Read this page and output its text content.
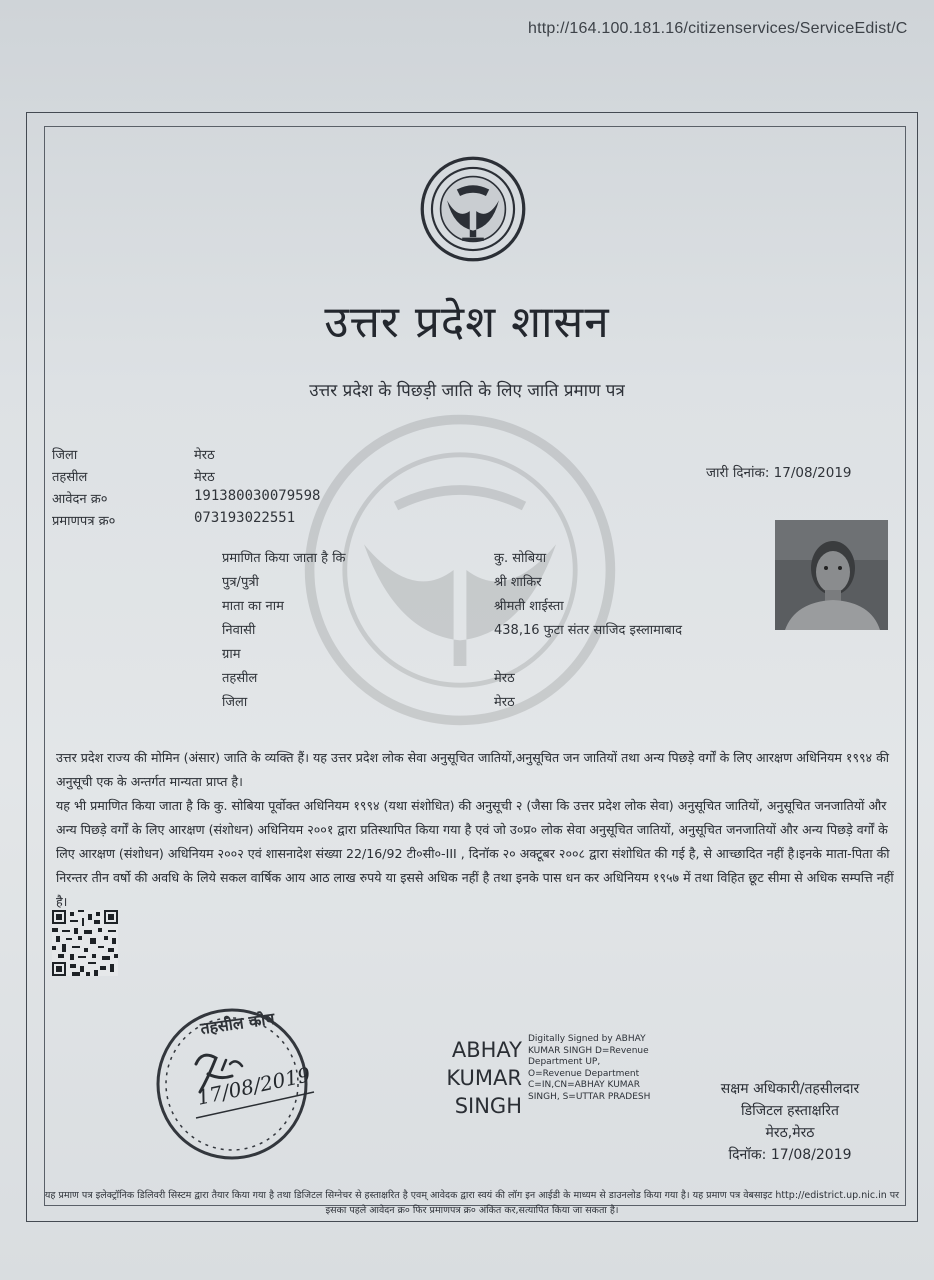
http://164.100.181.16/citizenservices/ServiceEdist/C
उत्तर प्रदेश शासन
उत्तर प्रदेश के पिछड़ी जाति के लिए जाति प्रमाण पत्र
जिला	मेरठ
तहसील	मेरठ
आवेदन क्र०	191380030079598
प्रमाणपत्र क्र०	073193022551
जारी दिनांक: 17/08/2019
प्रमाणित किया जाता है कि	कु. सोबिया
पुत्र/पुत्री	श्री शाकिर
माता का नाम	श्रीमती शाईस्ता
निवासी	438,16 फुटा संतर साजिद इस्लामाबाद
ग्राम
तहसील	मेरठ
जिला	मेरठ
उत्तर प्रदेश राज्य की मोमिन (अंसार) जाति के व्यक्ति हैं। यह उत्तर प्रदेश लोक सेवा अनुसूचित जातियों,अनुसूचित जन जातियों तथा अन्य पिछड़े वर्गों के लिए आरक्षण अधिनियम १९९४ की अनुसूची एक के अन्तर्गत मान्यता प्राप्त है।
यह भी प्रमाणित किया जाता है कि कु. सोबिया पूर्वोक्त अधिनियम १९९४ (यथा संशोधित) की अनुसूची २ (जैसा कि उत्तर प्रदेश लोक सेवा) अनुसूचित जातियों, अनुसूचित जनजातियों और अन्य पिछड़े वर्गों के लिए आरक्षण (संशोधन) अधिनियम २००१ द्वारा प्रतिस्थापित किया गया है एवं जो उ०प्र० लोक सेवा अनुसूचित जातियों, अनुसूचित जनजातियों और अन्य पिछड़े वर्गों के लिए आरक्षण (संशोधन) अधिनियम २००२ एवं शासनादेश संख्या 22/16/92 टी०सी०-III , दिनॉक २० अक्टूबर २००८ द्वारा संशोधित की गई है, से आच्छादित नहीं है।इनके माता-पिता की निरन्तर तीन वर्षो की अवधि के लिये सकल वार्षिक आय आठ लाख रुपये या इससे अधिक नहीं है तथा इनके पास धन कर अधिनियम १९५७ में तथा विहित छूट सीमा से अधिक सम्पत्ति नहीं है।
तहसील कोष
17/08/2019
ABHAY
KUMAR
SINGH
Digitally Signed by ABHAY
KUMAR SINGH D=Revenue
Department UP,
O=Revenue Department
C=IN,CN=ABHAY KUMAR
SINGH, S=UTTAR PRADESH	सक्षम अधिकारी/तहसीलदार
डिजिटल हस्ताक्षरित
मेरठ,मेरठ
दिनॉक: 17/08/2019
यह प्रमाण पत्र इलेक्ट्रॉनिक डिलिवरी सिस्टम द्वारा तैयार किया गया है तथा डिजिटल सिग्नेचर से हस्ताक्षरित है एवम् आवेदक द्वारा स्वयं की लॉग इन आईडी के माध्यम से डाउनलोड किया गया है। यह प्रमाण पत्र वेबसाइट http://edistrict.up.nic.in पर इसका पहले आवेदन क्र० फिर प्रमाणपत्र क्र० अंकित कर,सत्यापित किया जा सकता है।
